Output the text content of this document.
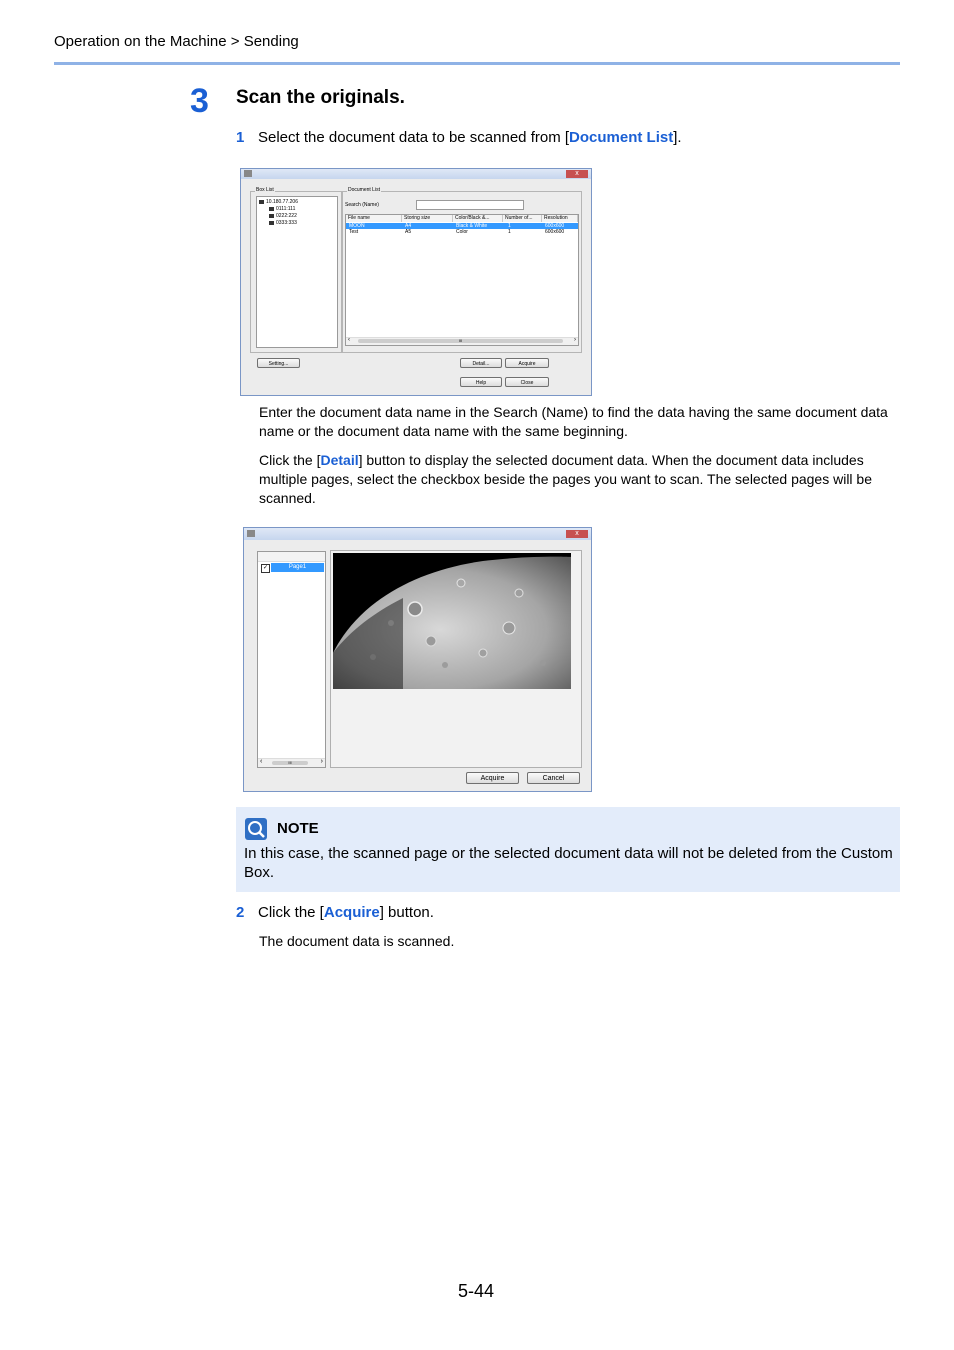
Operation on the Machine > Sending
3 Scan the originals.
1 Select the document data to be scanned from [Document List].
x
Box List
10.180.77.206
0111:111
0222:222
0333:333
Document List
Search (Name)
File name	Storing size	Color/Black &...	Number of...	Resolution
MOON	A4	Black & White	1	600x600
Test	A5	Color	1	600x600
‹	III	›
Setting...	Detail...	Acquire
Help	Close
Enter the document data name in the Search (Name) to find the data having the same document data name or the document data name with the same beginning.
Click the [Detail] button to display the selected document data. When the document data includes multiple pages, select the checkbox beside the pages you want to scan. The selected pages will be scanned.
x
✓	Page1
‹	III	›
Acquire	Cancel
NOTE
In this case, the scanned page or the selected document data will not be deleted from the Custom Box.
2 Click the [Acquire] button.
The document data is scanned.
5-44
